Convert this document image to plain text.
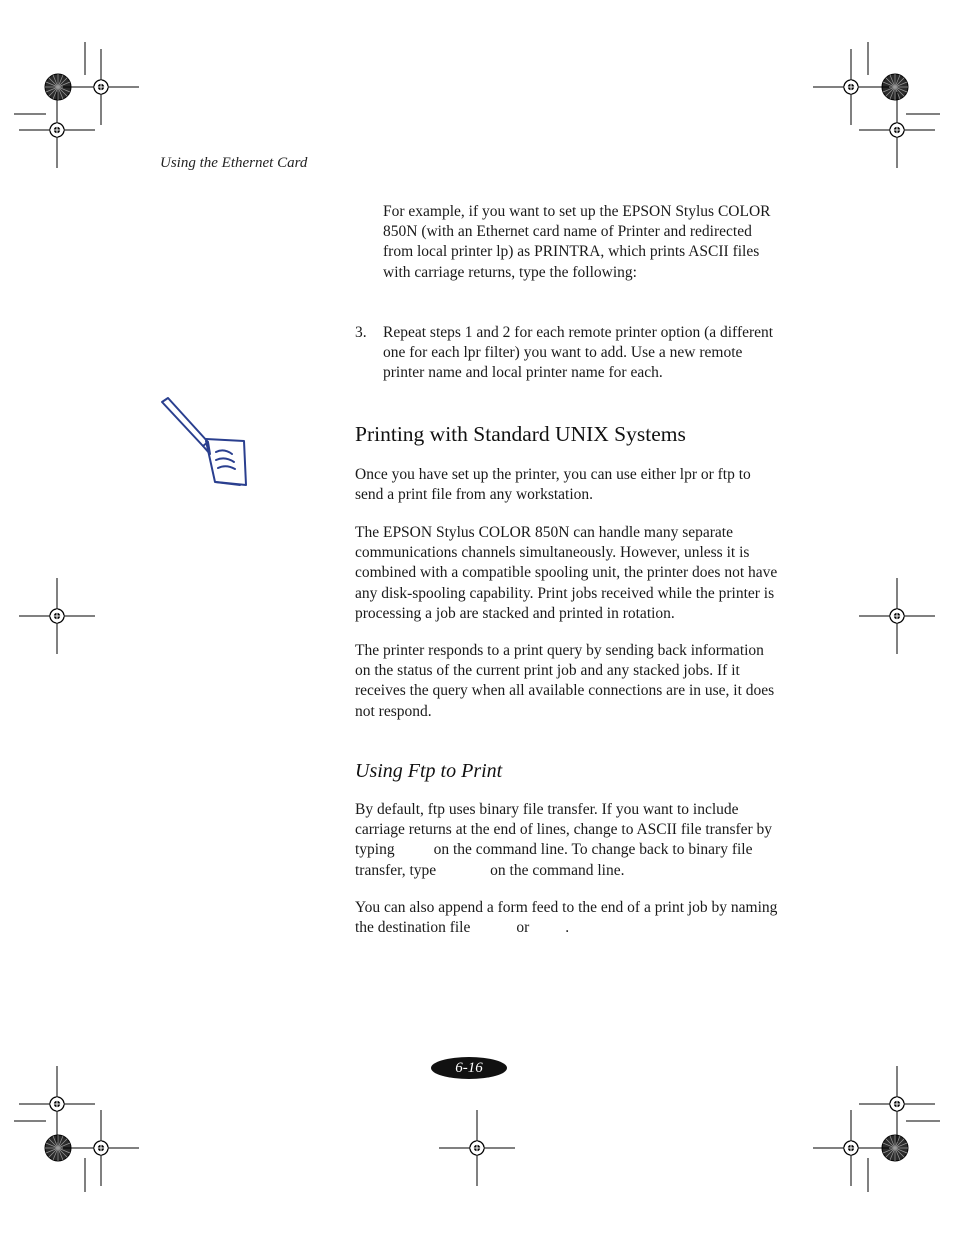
Using the Ethernet Card

For example, if you want to set up the EPSON Stylus COLOR 850N (with an Ethernet card name of Printer and redirected from local printer lp) as PRINTRA, which prints ASCII files with carriage returns, type the following:

3. Repeat steps 1 and 2 for each remote printer option (a different one for each lpr filter) you want to add. Use a new remote printer name and local printer name for each.

Printing with Standard UNIX Systems

Once you have set up the printer, you can use either lpr or ftp to send a print file from any workstation.

The EPSON Stylus COLOR 850N can handle many separate communications channels simultaneously. However, unless it is combined with a compatible spooling unit, the printer does not have any disk-spooling capability. Print jobs received while the printer is processing a job are stacked and printed in rotation.

The printer responds to a print query by sending back information on the status of the current print job and any stacked jobs. If it receives the query when all available connections are in use, it does not respond.

Using Ftp to Print

By default, ftp uses binary file transfer. If you want to include carriage returns at the end of lines, change to ASCII file transfer by typing	on the command line. To change back to binary file transfer, type	on the command line.

You can also append a form feed to the end of a print job by naming the destination file	or .

6-16
